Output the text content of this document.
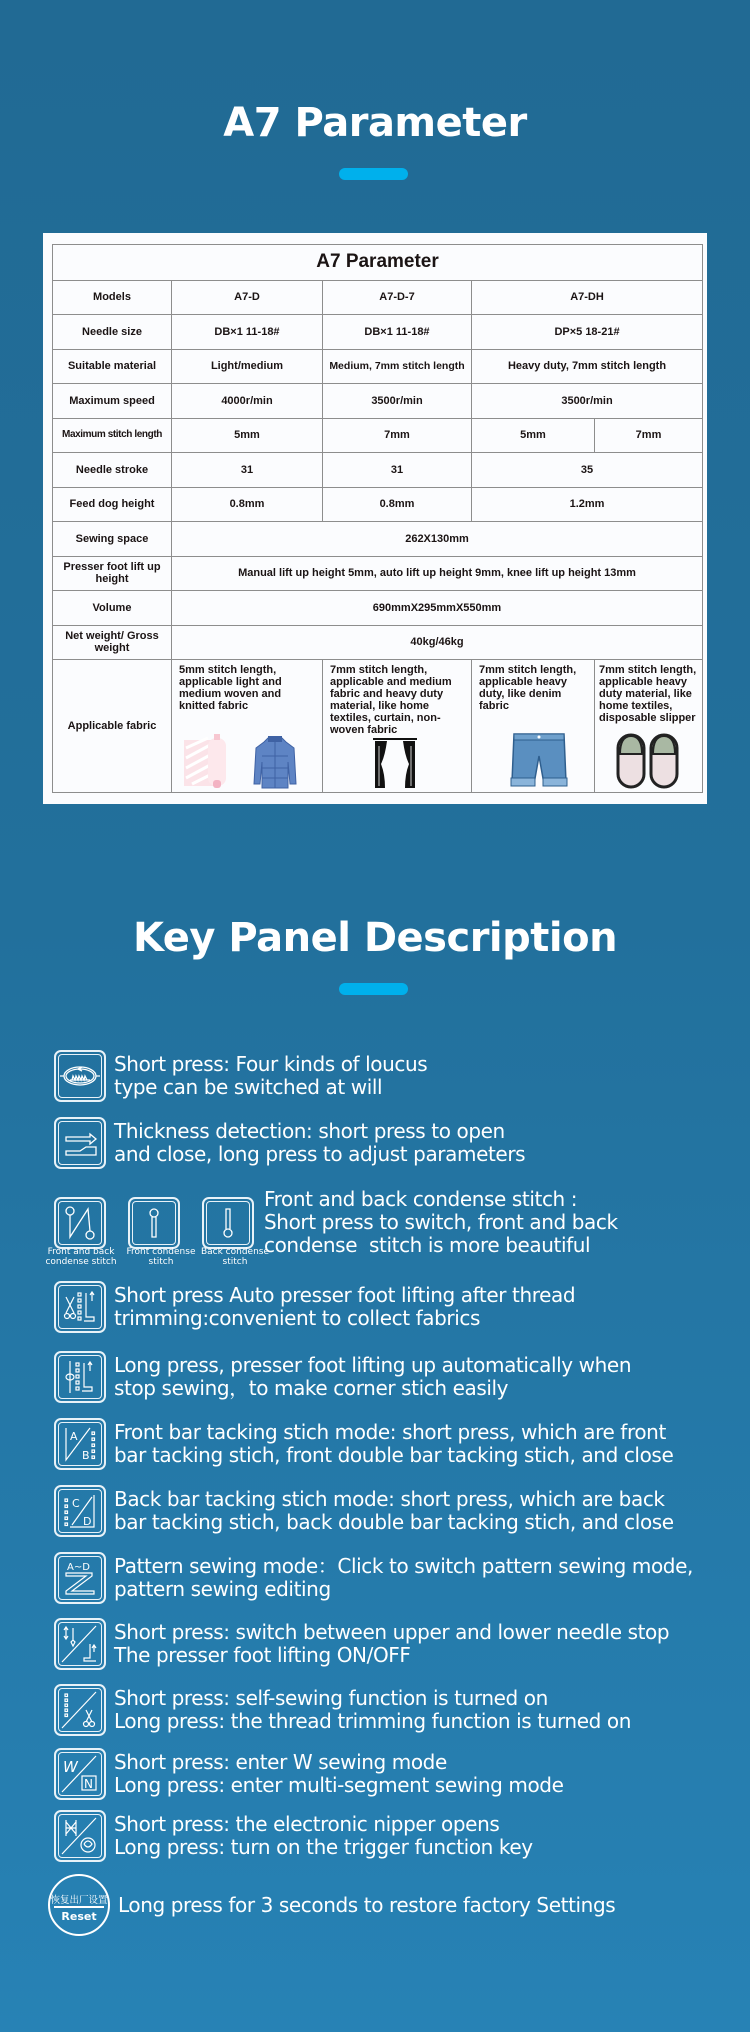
A7 Parameter
A7 Parameter				
Models	A7-D	A7-D-7	A7-DH	
Needle size	DB×1 11-18#	DB×1 11-18#	DP×5 18-21#	
Suitable material	Light/medium	Medium, 7mm stitch length	Heavy duty, 7mm stitch length	
Maximum speed	4000r/min	3500r/min	3500r/min	
Maximum stitch length	5mm	7mm	5mm	7mm
Needle stroke	31	31	35	
Feed dog height	0.8mm	0.8mm	1.2mm	
Sewing space	262X130mm			
Presser foot lift up height	Manual lift up height 5mm, auto lift up height 9mm, knee lift up height 13mm			
Volume	690mmX295mmX550mm			
Net weight/ Gross weight	40kg/46kg			
Applicable fabric	5mm stitch length, applicable light and medium woven and knitted fabric	7mm stitch length, applicable and medium fabric and heavy duty material, like home textiles, curtain, non-woven fabric	7mm stitch length, applicable heavy duty, like denim fabric	7mm stitch length, applicable heavy duty material, like home textiles, disposable slipper
Key Panel Description
Short press: Four kinds of loucus
type can be switched at will
Thickness detection: short press to open
and close, long press to adjust parameters
Front and back condense stitch :
Short press to switch, front and back
condense  stitch is more beautiful
Front and back condense stitch
Front condense stitch
Back condense stitch
Short press Auto presser foot lifting after thread
trimming:convenient to collect fabrics
Long press, presser foot lifting up automatically when
stop sewing，to make corner stich easily
A
B
Front bar tacking stich mode: short press, which are front
bar tacking stich, front double bar tacking stich, and close
C
D
Back bar tacking stich mode: short press, which are back
bar tacking stich, back double bar tacking stich, and close
A~D Pattern sewing mode：Click to switch pattern sewing mode,
pattern sewing editing
Short press: switch between upper and lower needle stop
The presser foot lifting ON/OFF
Short press: self-sewing function is turned on
Long press: the thread trimming function is turned on
W
N
Short press: enter W sewing mode
Long press: enter multi-segment sewing mode
Short press: the electronic nipper opens
Long press: turn on the trigger function key
恢复出厂设置
Reset	Long press for 3 seconds to restore factory Settings
